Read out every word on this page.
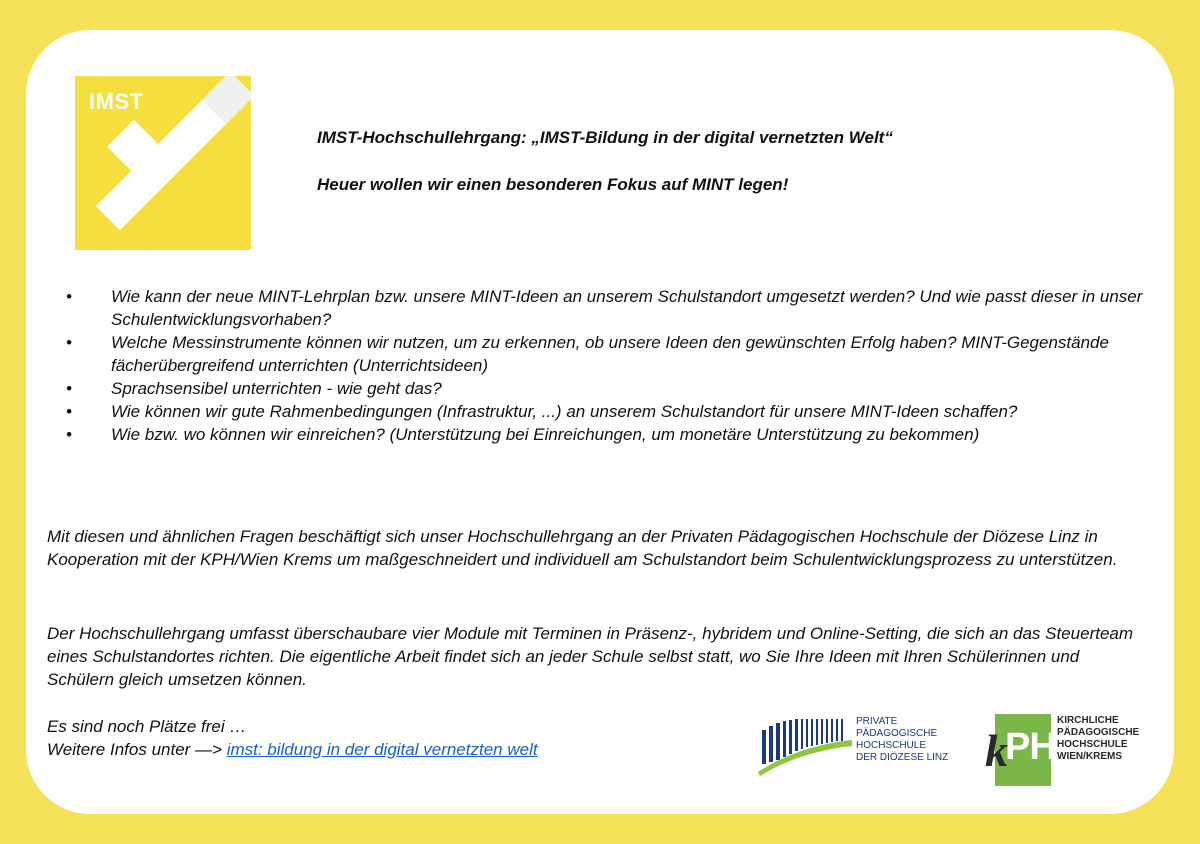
IMST
IMST-Hochschullehrgang: „IMST-Bildung in der digital vernetzten Welt“
Heuer wollen wir einen besonderen Fokus auf MINT legen!
• Wie kann der neue MINT-Lehrplan bzw. unsere MINT-Ideen an unserem Schulstandort umgesetzt werden? Und wie passt dieser in unser Schulentwicklungsvorhaben?
• Welche Messinstrumente können wir nutzen, um zu erkennen, ob unsere Ideen den gewünschten Erfolg haben? MINT-Gegenstände fächerübergreifend unterrichten (Unterrichtsideen)
• Sprachsensibel unterrichten - wie geht das?
• Wie können wir gute Rahmenbedingungen (Infrastruktur, ...) an unserem Schulstandort für unsere MINT-Ideen schaffen?
• Wie bzw. wo können wir einreichen? (Unterstützung bei Einreichungen, um monetäre Unterstützung zu bekommen)

Mit diesen und ähnlichen Fragen beschäftigt sich unser Hochschullehrgang an der Privaten Pädagogischen Hochschule der Diözese Linz in Kooperation mit der KPH/Wien Krems um maßgeschneidert und individuell am Schulstandort beim Schulentwicklungsprozess zu unterstützen.

Der Hochschullehrgang umfasst überschaubare vier Module mit Terminen in Präsenz-, hybridem und Online-Setting, die sich an das Steuerteam eines Schulstandortes richten. Die eigentliche Arbeit findet sich an jeder Schule selbst statt, wo Sie Ihre Ideen mit Ihren Schülerinnen und Schülern gleich umsetzen können.

Es sind noch Plätze frei …
Weitere Infos unter —> imst: bildung in der digital vernetzten welt
PRIVATE PÄDAGOGISCHE
HOCHSCHULE
DER DIÖZESE LINZ k
PH
KIRCHLICHE
PÄDAGOGISCHE
HOCHSCHULE
WIEN/KREMS
